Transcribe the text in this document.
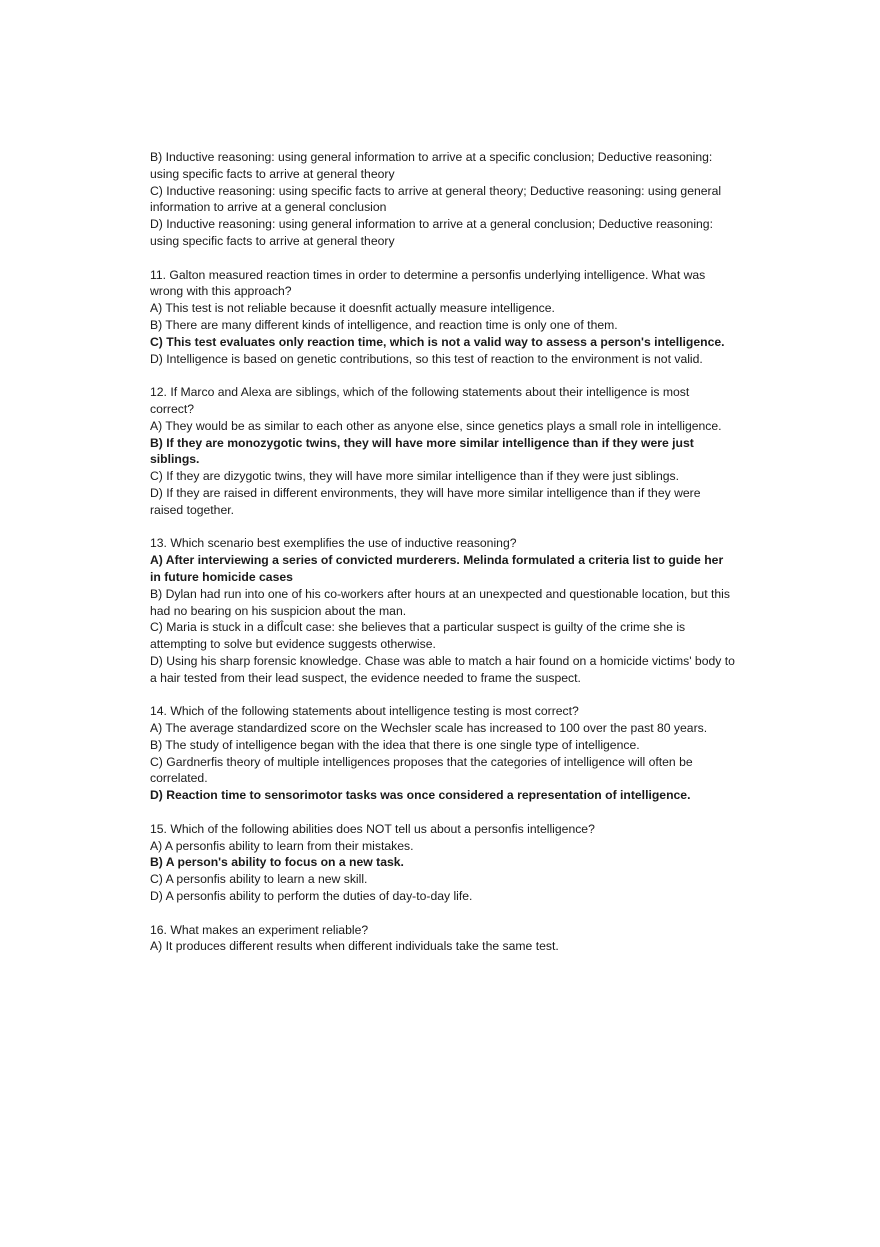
B) Inductive reasoning: using general information to arrive at a specific conclusion; Deductive reasoning: using specific facts to arrive at general theory

C) Inductive reasoning: using specific facts to arrive at general theory; Deductive reasoning: using general information to arrive at a general conclusion

D) Inductive reasoning: using general information to arrive at a general conclusion; Deductive reasoning: using specific facts to arrive at general theory

11. Galton measured reaction times in order to determine a personﬁs underlying intelligence. What was wrong with this approach?

A) This test is not reliable because it doesnﬁt actually measure intelligence.

B) There are many different kinds of intelligence, and reaction time is only one of them.

C) This test evaluates only reaction time, which is not a valid way to assess a person's intelligence.

D) Intelligence is based on genetic contributions, so this test of reaction to the environment is not valid.

12. If Marco and Alexa are siblings, which of the following statements about their intelligence is most correct?

A) They would be as similar to each other as anyone else, since genetics plays a small role in intelligence.

B) If they are monozygotic twins, they will have more similar intelligence than if they were just siblings.

C) If they are dizygotic twins, they will have more similar intelligence than if they were just siblings.

D) If they are raised in different environments, they will have more similar intelligence than if they were raised together.

13. Which scenario best exemplifies the use of inductive reasoning?

A) After interviewing a series of convicted murderers. Melinda formulated a criteria list to guide her in future homicide cases

B) Dylan had run into one of his co-workers after hours at an unexpected and questionable location, but this had no bearing on his suspicion about the man.

C) Maria is stuck in a difÎcult case: she believes that a particular suspect is guilty of the crime she is attempting to solve but evidence suggests otherwise.

D) Using his sharp forensic knowledge. Chase was able to match a hair found on a homicide victims' body to a hair tested from their lead suspect, the evidence needed to frame the suspect.

14. Which of the following statements about intelligence testing is most correct?

A) The average standardized score on the Wechsler scale has increased to 100 over the past 80 years.

B) The study of intelligence began with the idea that there is one single type of intelligence.

C) Gardnerﬁs theory of multiple intelligences proposes that the categories of intelligence will often be correlated.

D) Reaction time to sensorimotor tasks was once considered a representation of intelligence.

15. Which of the following abilities does NOT tell us about a personﬁs intelligence?

A) A personﬁs ability to learn from their mistakes.

B) A person's ability to focus on a new task.

C) A personﬁs ability to learn a new skill.

D) A personﬁs ability to perform the duties of day-to-day life.

16. What makes an experiment reliable?

A) It produces different results when different individuals take the same test.
